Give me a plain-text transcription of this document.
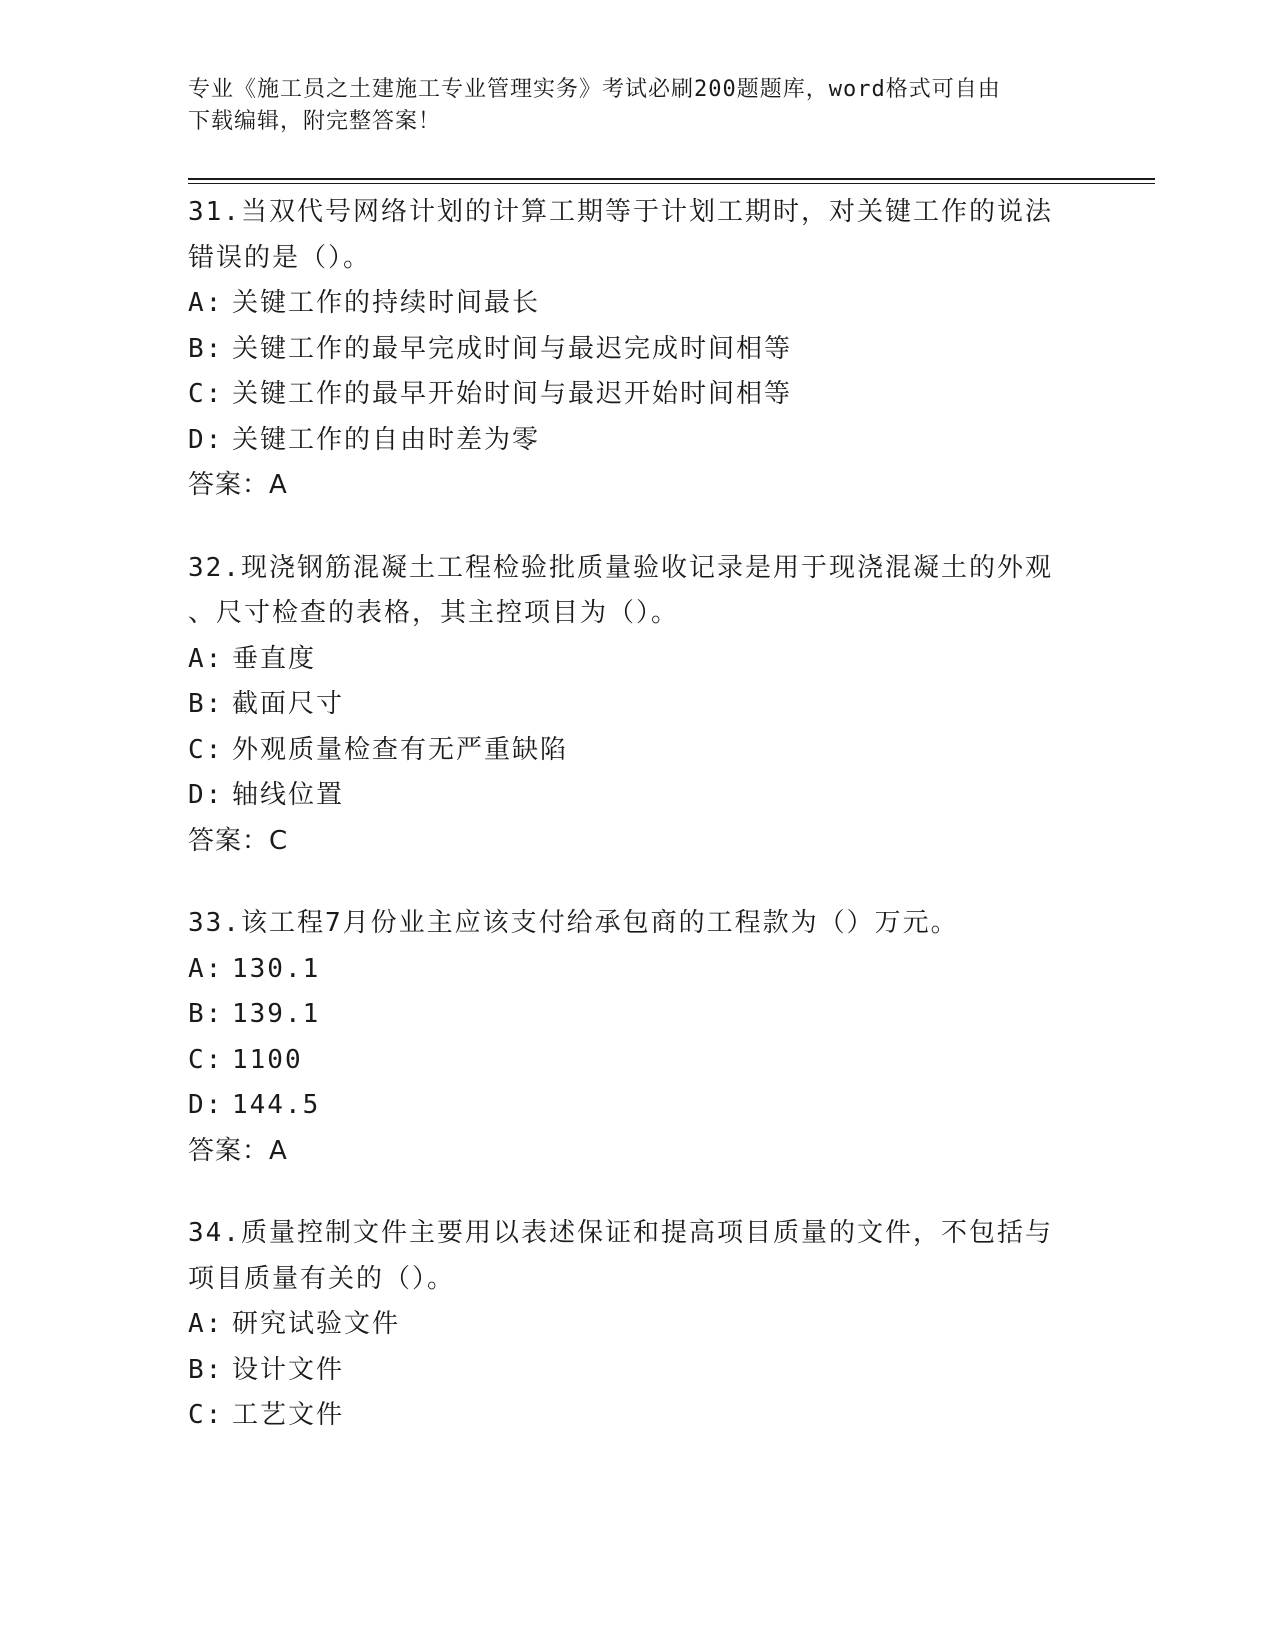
专业《施工员之土建施工专业管理实务》考试必刷200题题库，word格式可自由
下载编辑，附完整答案！
31.当双代号网络计划的计算工期等于计划工期时，对关键工作的说法
错误的是（）。
A: 关键工作的持续时间最长
B: 关键工作的最早完成时间与最迟完成时间相等
C: 关键工作的最早开始时间与最迟开始时间相等
D: 关键工作的自由时差为零
答案：A
32.现浇钢筋混凝土工程检验批质量验收记录是用于现浇混凝土的外观
、尺寸检查的表格，其主控项目为（）。
A: 垂直度
B: 截面尺寸
C: 外观质量检查有无严重缺陷
D: 轴线位置
答案：C
33.该工程7月份业主应该支付给承包商的工程款为（）万元。
A: 130.1
B: 139.1
C: 1100
D: 144.5
答案：A
34.质量控制文件主要用以表述保证和提高项目质量的文件，不包括与
项目质量有关的（）。
A: 研究试验文件
B: 设计文件
C: 工艺文件
